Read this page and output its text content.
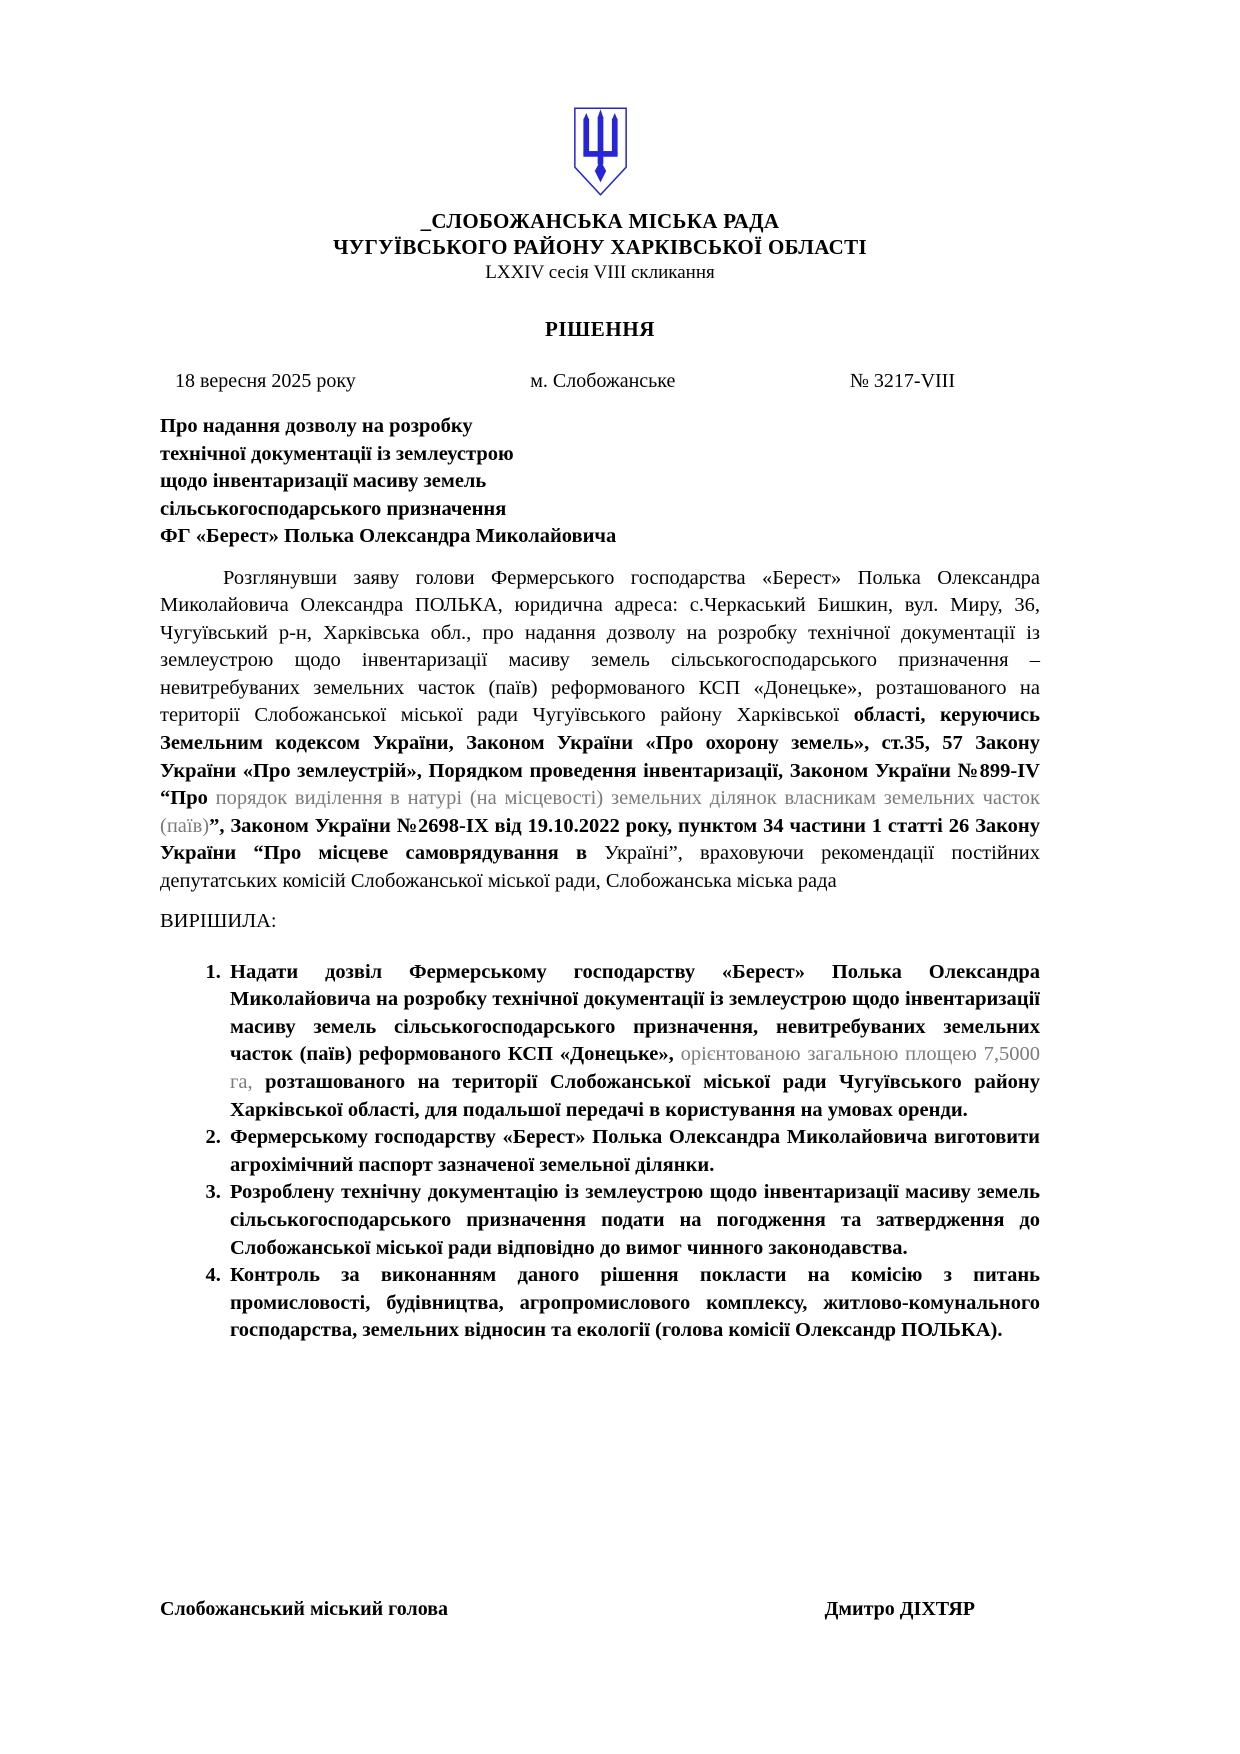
_СЛОБОЖАНСЬКА МІСЬКА РАДА
ЧУГУЇВСЬКОГО РАЙОНУ ХАРКІВСЬКОЇ ОБЛАСТІ
LXXIV сесія VIII скликання
РІШЕННЯ
18 вересня 2025 року	м. Слобожанське	№ 3217-VIII
Про надання дозволу на розробку
технічної документації із землеустрою
щодо інвентаризації масиву земель
сільськогосподарського призначення
ФГ «Берест» Полька Олександра Миколайовича

Розглянувши заяву голови Фермерського господарства «Берест» Полька Олександра Миколайовича Олександра ПОЛЬКА, юридична адреса: с.Черкаський Бишкин, вул. Миру, 36, Чугуївський р-н, Харківська обл., про надання дозволу на розробку технічної документації із землеустрою щодо інвентаризації масиву земель сільськогосподарського призначення – невитребуваних земельних часток (паїв) реформованого КСП «Донецьке», розташованого на території Слобожанської міської ради Чугуївського району Харківської області, керуючись Земельним кодексом України, Законом України «Про охорону земель», ст.35, 57 Закону України «Про землеустрій», Порядком проведення інвентаризації, Законом України №899-IV “Про порядок виділення в натурі (на місцевості) земельних ділянок власникам земельних часток (паїв)”, Законом України №2698-IX від 19.10.2022 року, пунктом 34 частини 1 статті 26 Закону України “Про місцеве самоврядування в Україні”, враховуючи рекомендації постійних депутатських комісій Слобожанської міської ради, Слобожанська міська рада

ВИРІШИЛА:
1. Надати дозвіл Фермерському господарству «Берест» Полька Олександра Миколайовича на розробку технічної документації із землеустрою щодо інвентаризації масиву земель сільськогосподарського призначення, невитребуваних земельних часток (паїв) реформованого КСП «Донецьке», орієнтованою загальною площею 7,5000 га, розташованого на території Слобожанської міської ради Чугуївського району Харківської області, для подальшої передачі в користування на умовах оренди.
2. Фермерському господарству «Берест» Полька Олександра Миколайовича виготовити агрохімічний паспорт зазначеної земельної ділянки.
3. Розроблену технічну документацію із землеустрою щодо інвентаризації масиву земель сільськогосподарського призначення подати на погодження та затвердження до Слобожанської міської ради відповідно до вимог чинного законодавства.
4. Контроль за виконанням даного рішення покласти на комісію з питань промисловості, будівництва, агропромислового комплексу, житлово-комунального господарства, земельних відносин та екології (голова комісії Олександр ПОЛЬКА).
Слобожанський міський голова	Дмитро ДІХТЯР
